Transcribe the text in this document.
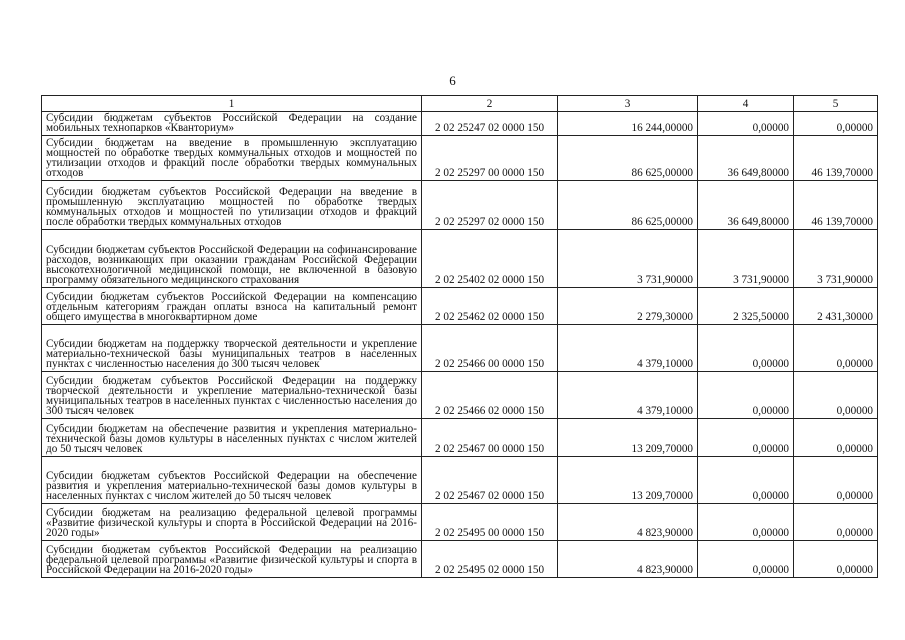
6
1	2	3	4	5
Субсидии бюджетам субъектов Российской Федерации на создание мобильных технопарков «Кванториум»	2 02 25247 02 0000 150	16 244,00000	0,00000	0,00000
Субсидии бюджетам на введение в промышленную эксплуатацию мощностей по обработке твердых коммунальных отходов и мощностей по утилизации отходов и фракций после обработки твердых коммунальных отходов	2 02 25297 00 0000 150	86 625,00000	36 649,80000	46 139,70000
Субсидии бюджетам субъектов Российской Федерации на введение в промышленную эксплуатацию мощностей по обработке твердых коммунальных отходов и мощностей по утилизации отходов и фракций после обработки твердых коммунальных отходов	2 02 25297 02 0000 150	86 625,00000	36 649,80000	46 139,70000
Субсидии бюджетам субъектов Российской Федерации на софинансирование расходов, возникающих при оказании гражданам Российской Федерации высокотехнологичной медицинской помощи, не включенной в базовую программу обязательного медицинского страхования	2 02 25402 02 0000 150	3 731,90000	3 731,90000	3 731,90000
Субсидии бюджетам субъектов Российской Федерации на компенсацию отдельным категориям граждан оплаты взноса на капитальный ремонт общего имущества в многоквартирном доме	2 02 25462 02 0000 150	2 279,30000	2 325,50000	2 431,30000
Субсидии бюджетам на поддержку творческой деятельности и укрепление материально-технической базы муниципальных театров в населенных пунктах с численностью населения до 300 тысяч человек	2 02 25466 00 0000 150	4 379,10000	0,00000	0,00000
Субсидии бюджетам субъектов Российской Федерации на поддержку творческой деятельности и укрепление материально-технической базы муниципальных театров в населенных пунктах с численностью населения до 300 тысяч человек	2 02 25466 02 0000 150	4 379,10000	0,00000	0,00000
Субсидии бюджетам на обеспечение развития и укрепления материально-технической базы домов культуры в населенных пунктах с числом жителей до 50 тысяч человек	2 02 25467 00 0000 150	13 209,70000	0,00000	0,00000
Субсидии бюджетам субъектов Российской Федерации на обеспечение развития и укрепления материально-технической базы домов культуры в населенных пунктах с числом жителей до 50 тысяч человек	2 02 25467 02 0000 150	13 209,70000	0,00000	0,00000
Субсидии бюджетам на реализацию федеральной целевой программы «Развитие физической культуры и спорта в Российской Федерации на 2016-2020 годы»	2 02 25495 00 0000 150	4 823,90000	0,00000	0,00000
Субсидии бюджетам субъектов Российской Федерации на реализацию федеральной целевой программы «Развитие физической культуры и спорта в Российской Федерации на 2016-2020 годы»	2 02 25495 02 0000 150	4 823,90000	0,00000	0,00000
